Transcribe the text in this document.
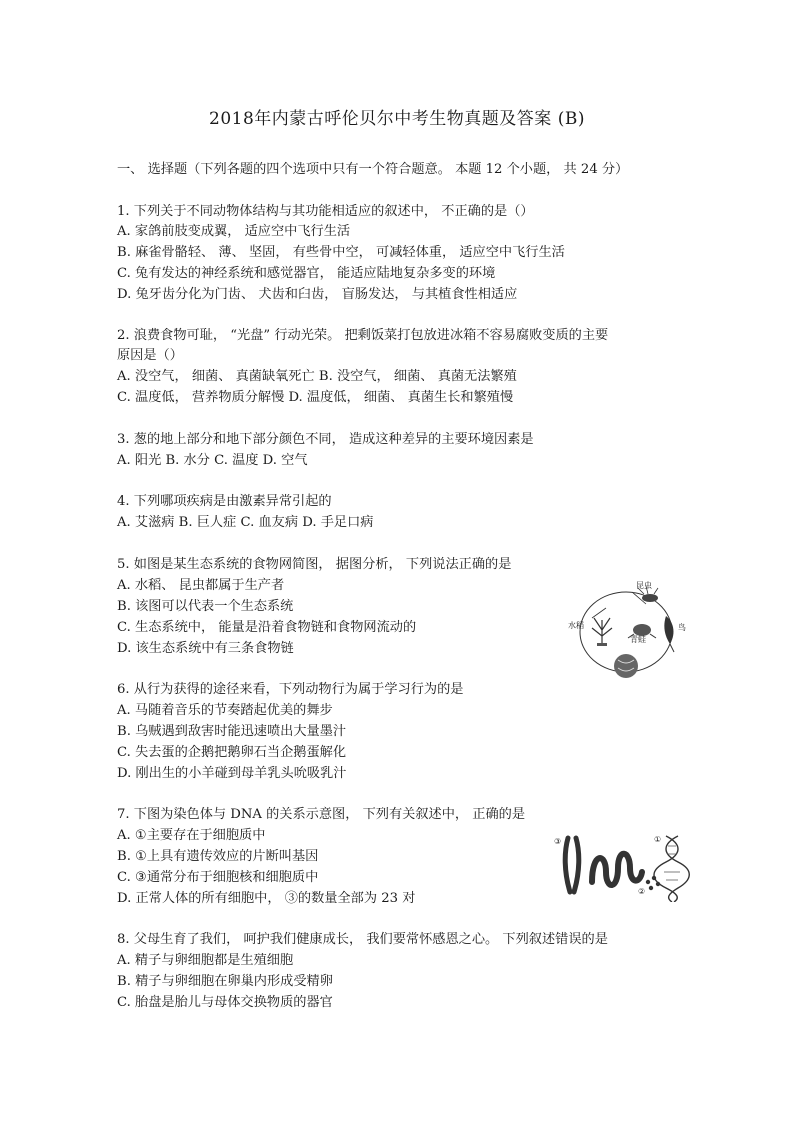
2018年内蒙古呼伦贝尔中考生物真题及答案 (B)
一、 选择题（下列各题的四个选项中只有一个符合题意。 本题 12 个小题， 共 24 分）
1. 下列关于不同动物体结构与其功能相适应的叙述中， 不正确的是（）
A. 家鸽前肢变成翼， 适应空中飞行生活
B. 麻雀骨骼轻、 薄、 坚固， 有些骨中空， 可减轻体重， 适应空中飞行生活
C. 兔有发达的神经系统和感觉器官， 能适应陆地复杂多变的环境
D. 兔牙齿分化为门齿、 犬齿和臼齿， 盲肠发达， 与其植食性相适应
2. 浪费食物可耻， “光盘” 行动光荣。 把剩饭菜打包放进冰箱不容易腐败变质的主要
原因是（）
A. 没空气， 细菌、 真菌缺氧死亡 B. 没空气， 细菌、 真菌无法繁殖
C. 温度低， 营养物质分解慢 D. 温度低， 细菌、 真菌生长和繁殖慢
3. 葱的地上部分和地下部分颜色不同， 造成这种差异的主要环境因素是
A. 阳光 B. 水分 C. 温度 D. 空气
4. 下列哪项疾病是由激素异常引起的
A. 艾滋病 B. 巨人症 C. 血友病 D. 手足口病
5. 如图是某生态系统的食物网简图， 据图分析， 下列说法正确的是
A. 水稻、 昆虫都属于生产者
B. 该图可以代表一个生态系统
C. 生态系统中， 能量是沿着食物链和食物网流动的
D. 该生态系统中有三条食物链
昆虫
水稻
青蛙
鸟
6. 从行为获得的途径来看，下列动物行为属于学习行为的是
A. 马随着音乐的节奏踏起优美的舞步
B. 乌贼遇到敌害时能迅速喷出大量墨汁
C. 失去蛋的企鹅把鹅卵石当企鹅蛋解化
D. 刚出生的小羊碰到母羊乳头吮吸乳汁
7. 下图为染色体与 DNA 的关系示意图， 下列有关叙述中， 正确的是
A. ①主要存在于细胞质中
B. ①上具有遗传效应的片断叫基因
C. ③通常分布于细胞核和细胞质中
D. 正常人体的所有细胞中， ③的数量全部为 23 对
③	①
②
8. 父母生育了我们， 呵护我们健康成长， 我们要常怀感恩之心。 下列叙述错误的是
A. 精子与卵细胞都是生殖细胞
B. 精子与卵细胞在卵巢内形成受精卵
C. 胎盘是胎儿与母体交换物质的器官
